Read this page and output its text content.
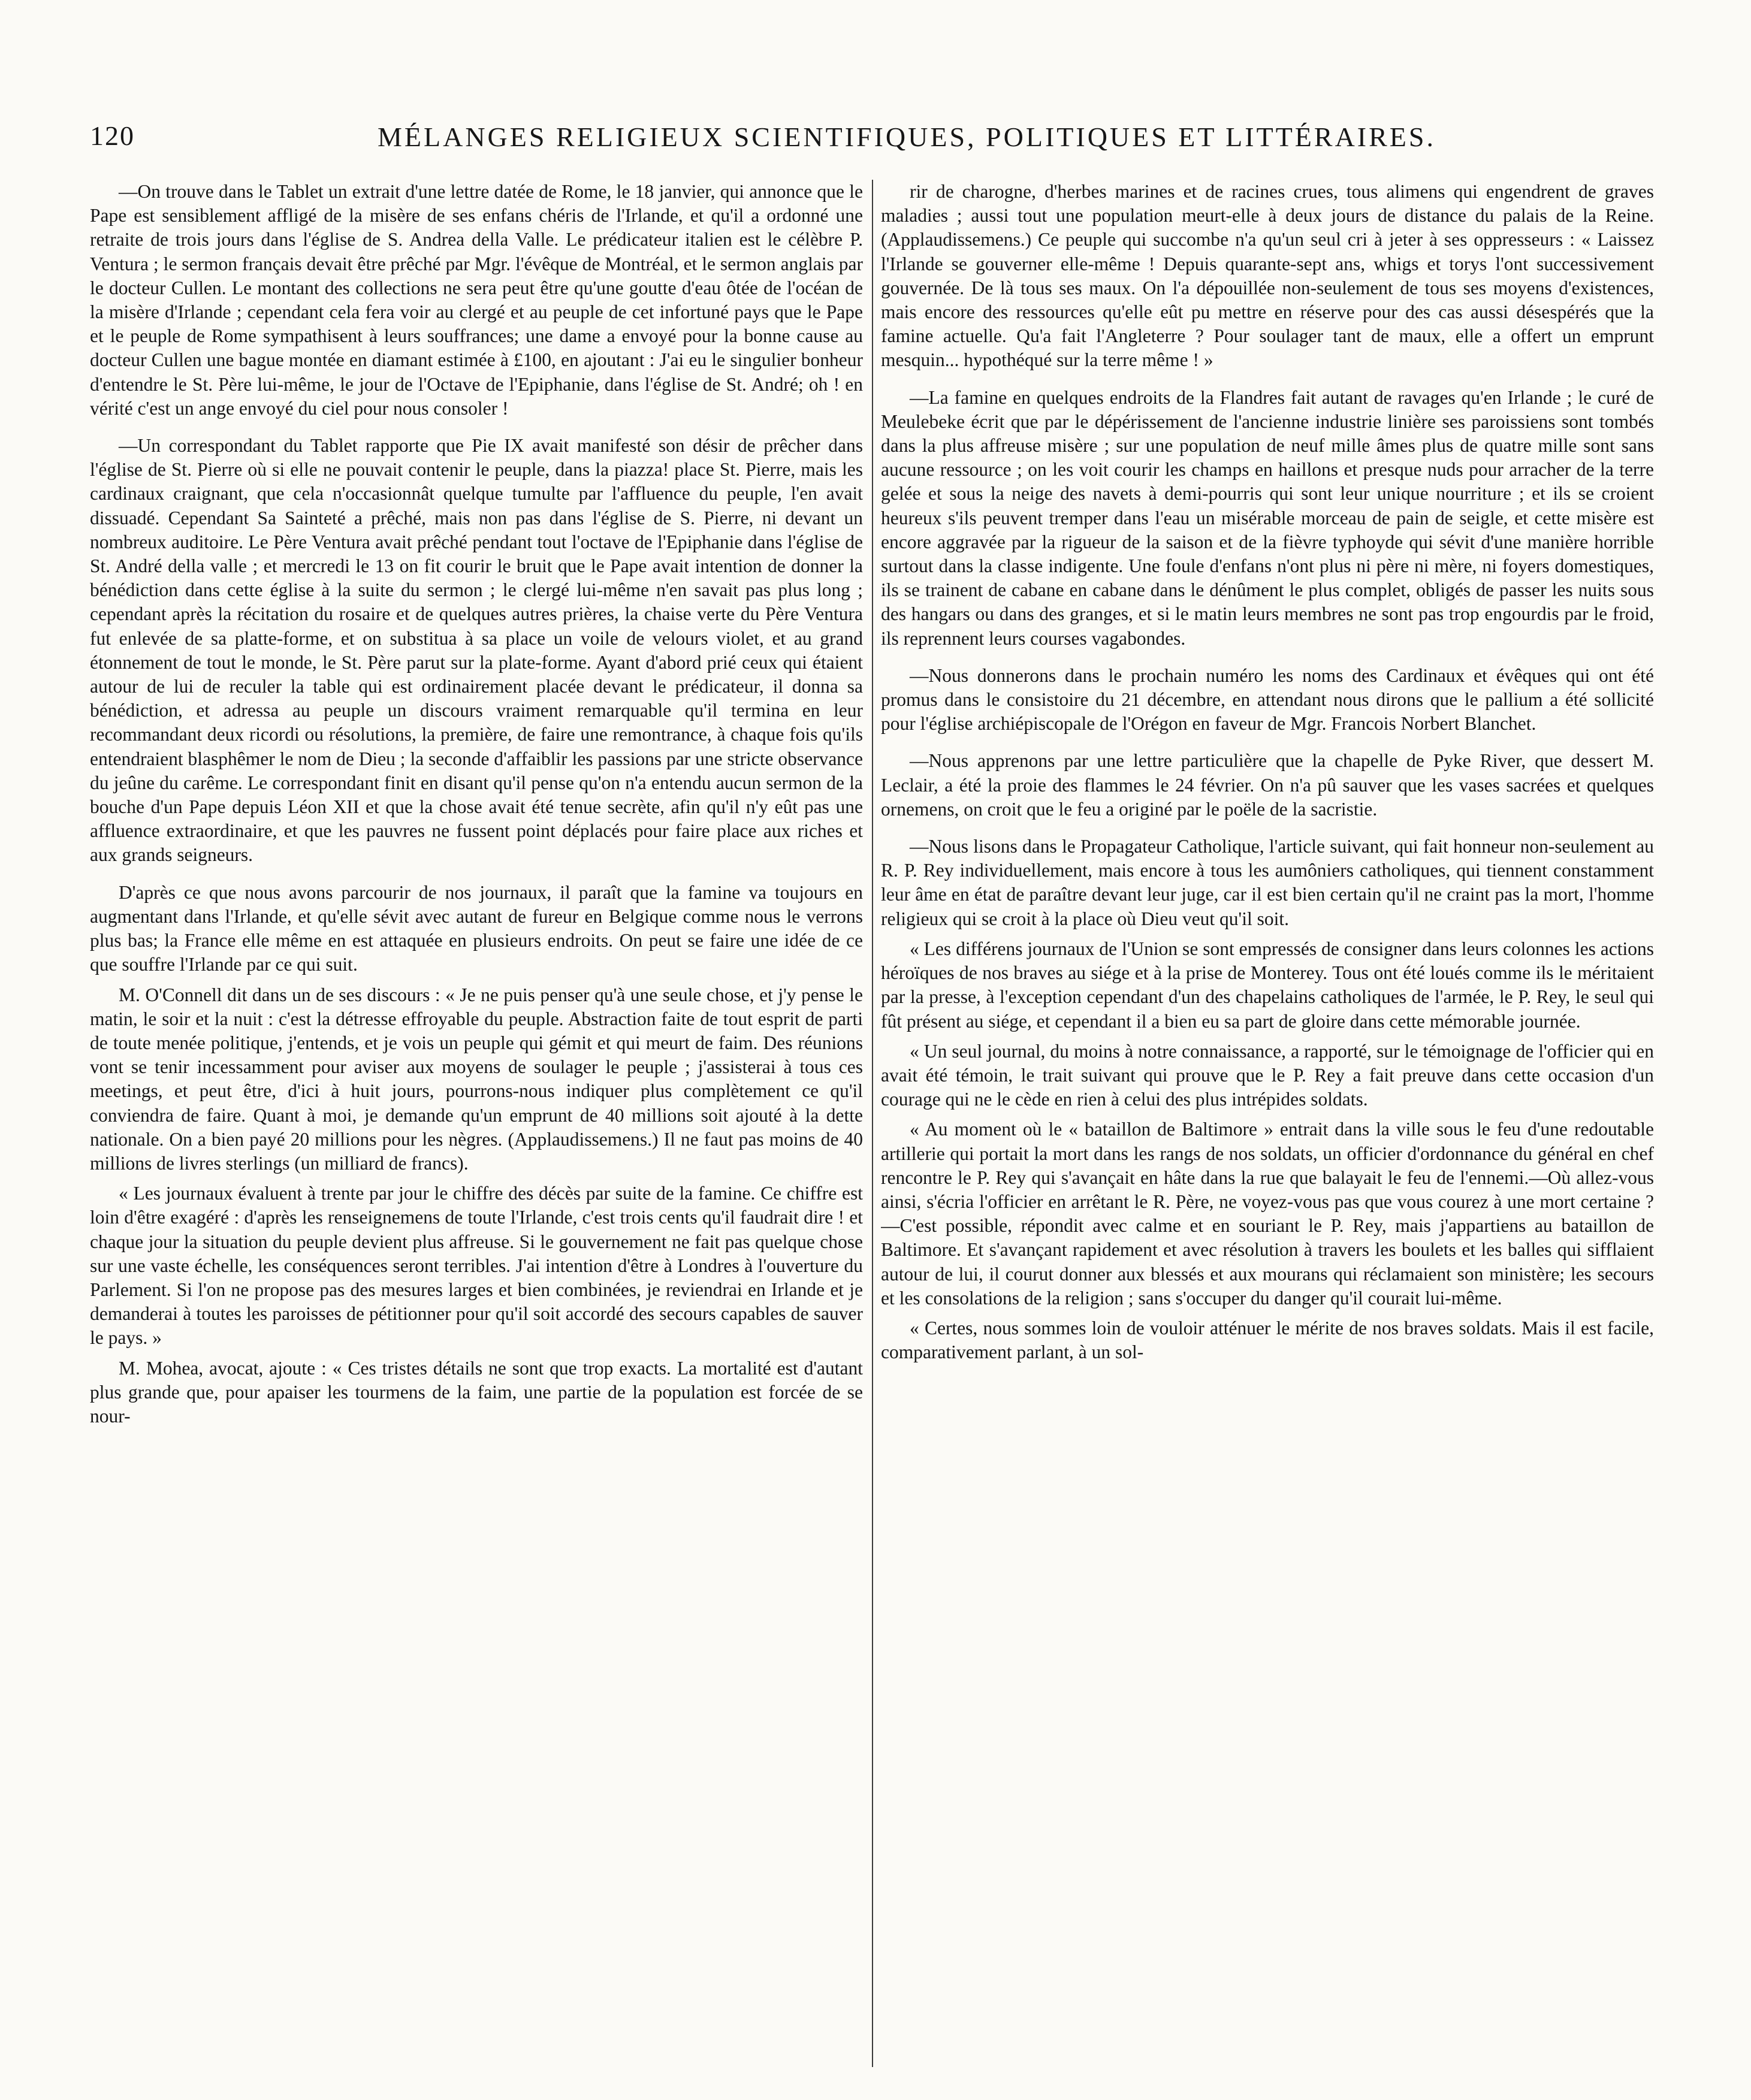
120	MÉLANGES RELIGIEUX SCIENTIFIQUES, POLITIQUES ET LITTÉRAIRES.

—On trouve dans le Tablet un extrait d'une lettre datée de Rome, le 18 janvier, qui annonce que le Pape est sensiblement affligé de la misère de ses enfans chéris de l'Irlande, et qu'il a ordonné une retraite de trois jours dans l'église de S. Andrea della Valle. Le prédicateur italien est le célèbre P. Ventura ; le sermon français devait être prêché par Mgr. l'évêque de Montréal, et le sermon anglais par le docteur Cullen. Le montant des collections ne sera peut être qu'une goutte d'eau ôtée de l'océan de la misère d'Irlande ; cependant cela fera voir au clergé et au peuple de cet infortuné pays que le Pape et le peuple de Rome sympathisent à leurs souffrances; une dame a envoyé pour la bonne cause au docteur Cullen une bague montée en diamant estimée à £100, en ajoutant : J'ai eu le singulier bonheur d'entendre le St. Père lui-même, le jour de l'Octave de l'Epiphanie, dans l'église de St. André; oh ! en vérité c'est un ange envoyé du ciel pour nous consoler !

—Un correspondant du Tablet rapporte que Pie IX avait manifesté son désir de prêcher dans l'église de St. Pierre où si elle ne pouvait contenir le peuple, dans la piazza! place St. Pierre, mais les cardinaux craignant, que cela n'occasionnât quelque tumulte par l'affluence du peuple, l'en avait dissuadé. Cependant Sa Sainteté a prêché, mais non pas dans l'église de S. Pierre, ni devant un nombreux auditoire. Le Père Ventura avait prêché pendant tout l'octave de l'Epiphanie dans l'église de St. André della valle ; et mercredi le 13 on fit courir le bruit que le Pape avait intention de donner la bénédiction dans cette église à la suite du sermon ; le clergé lui-même n'en savait pas plus long ; cependant après la récitation du rosaire et de quelques autres prières, la chaise verte du Père Ventura fut enlevée de sa platte-forme, et on substitua à sa place un voile de velours violet, et au grand étonnement de tout le monde, le St. Père parut sur la plate-forme. Ayant d'abord prié ceux qui étaient autour de lui de reculer la table qui est ordinairement placée devant le prédicateur, il donna sa bénédiction, et adressa au peuple un discours vraiment remarquable qu'il termina en leur recommandant deux ricordi ou résolutions, la première, de faire une remontrance, à chaque fois qu'ils entendraient blasphêmer le nom de Dieu ; la seconde d'affaiblir les passions par une stricte observance du jeûne du carême. Le correspondant finit en disant qu'il pense qu'on n'a entendu aucun sermon de la bouche d'un Pape depuis Léon XII et que la chose avait été tenue secrète, afin qu'il n'y eût pas une affluence extraordinaire, et que les pauvres ne fussent point déplacés pour faire place aux riches et aux grands seigneurs.

D'après ce que nous avons parcourir de nos journaux, il paraît que la famine va toujours en augmentant dans l'Irlande, et qu'elle sévit avec autant de fureur en Belgique comme nous le verrons plus bas; la France elle même en est attaquée en plusieurs endroits. On peut se faire une idée de ce que souffre l'Irlande par ce qui suit.

M. O'Connell dit dans un de ses discours : « Je ne puis penser qu'à une seule chose, et j'y pense le matin, le soir et la nuit : c'est la détresse effroyable du peuple. Abstraction faite de tout esprit de parti de toute menée politique, j'entends, et je vois un peuple qui gémit et qui meurt de faim. Des réunions vont se tenir incessamment pour aviser aux moyens de soulager le peuple ; j'assisterai à tous ces meetings, et peut être, d'ici à huit jours, pourrons-nous indiquer plus complètement ce qu'il conviendra de faire. Quant à moi, je demande qu'un emprunt de 40 millions soit ajouté à la dette nationale. On a bien payé 20 millions pour les nègres. (Applaudissemens.) Il ne faut pas moins de 40 millions de livres sterlings (un milliard de francs).

« Les journaux évaluent à trente par jour le chiffre des décès par suite de la famine. Ce chiffre est loin d'être exagéré : d'après les renseignemens de toute l'Irlande, c'est trois cents qu'il faudrait dire ! et chaque jour la situation du peuple devient plus affreuse. Si le gouvernement ne fait pas quelque chose sur une vaste échelle, les conséquences seront terribles. J'ai intention d'être à Londres à l'ouverture du Parlement. Si l'on ne propose pas des mesures larges et bien combinées, je reviendrai en Irlande et je demanderai à toutes les paroisses de pétitionner pour qu'il soit accordé des secours capables de sauver le pays. »

M. Mohea, avocat, ajoute : « Ces tristes détails ne sont que trop exacts. La mortalité est d'autant plus grande que, pour apaiser les tourmens de la faim, une partie de la population est forcée de se nour-

rir de charogne, d'herbes marines et de racines crues, tous alimens qui engendrent de graves maladies ; aussi tout une population meurt-elle à deux jours de distance du palais de la Reine. (Applaudissemens.) Ce peuple qui succombe n'a qu'un seul cri à jeter à ses oppresseurs : « Laissez l'Irlande se gouverner elle-même ! Depuis quarante-sept ans, whigs et torys l'ont successivement gouvernée. De là tous ses maux. On l'a dépouillée non-seulement de tous ses moyens d'existences, mais encore des ressources qu'elle eût pu mettre en réserve pour des cas aussi désespérés que la famine actuelle. Qu'a fait l'Angleterre ? Pour soulager tant de maux, elle a offert un emprunt mesquin... hypothéqué sur la terre même ! »

—La famine en quelques endroits de la Flandres fait autant de ravages qu'en Irlande ; le curé de Meulebeke écrit que par le dépérissement de l'ancienne industrie linière ses paroissiens sont tombés dans la plus affreuse misère ; sur une population de neuf mille âmes plus de quatre mille sont sans aucune ressource ; on les voit courir les champs en haillons et presque nuds pour arracher de la terre gelée et sous la neige des navets à demi-pourris qui sont leur unique nourriture ; et ils se croient heureux s'ils peuvent tremper dans l'eau un misérable morceau de pain de seigle, et cette misère est encore aggravée par la rigueur de la saison et de la fièvre typhoyde qui sévit d'une manière horrible surtout dans la classe indigente. Une foule d'enfans n'ont plus ni père ni mère, ni foyers domestiques, ils se trainent de cabane en cabane dans le dénûment le plus complet, obligés de passer les nuits sous des hangars ou dans des granges, et si le matin leurs membres ne sont pas trop engourdis par le froid, ils reprennent leurs courses vagabondes.

—Nous donnerons dans le prochain numéro les noms des Cardinaux et évêques qui ont été promus dans le consistoire du 21 décembre, en attendant nous dirons que le pallium a été sollicité pour l'église archiépiscopale de l'Orégon en faveur de Mgr. Francois Norbert Blanchet.

—Nous apprenons par une lettre particulière que la chapelle de Pyke River, que dessert M. Leclair, a été la proie des flammes le 24 février. On n'a pû sauver que les vases sacrées et quelques ornemens, on croit que le feu a originé par le poële de la sacristie.

—Nous lisons dans le Propagateur Catholique, l'article suivant, qui fait honneur non-seulement au R. P. Rey individuellement, mais encore à tous les aumôniers catholiques, qui tiennent constamment leur âme en état de paraître devant leur juge, car il est bien certain qu'il ne craint pas la mort, l'homme religieux qui se croit à la place où Dieu veut qu'il soit.

« Les différens journaux de l'Union se sont empressés de consigner dans leurs colonnes les actions héroïques de nos braves au siége et à la prise de Monterey. Tous ont été loués comme ils le méritaient par la presse, à l'exception cependant d'un des chapelains catholiques de l'armée, le P. Rey, le seul qui fût présent au siége, et cependant il a bien eu sa part de gloire dans cette mémorable journée.

« Un seul journal, du moins à notre connaissance, a rapporté, sur le témoignage de l'officier qui en avait été témoin, le trait suivant qui prouve que le P. Rey a fait preuve dans cette occasion d'un courage qui ne le cède en rien à celui des plus intrépides soldats.

« Au moment où le « bataillon de Baltimore » entrait dans la ville sous le feu d'une redoutable artillerie qui portait la mort dans les rangs de nos soldats, un officier d'ordonnance du général en chef rencontre le P. Rey qui s'avançait en hâte dans la rue que balayait le feu de l'ennemi.—Où allez-vous ainsi, s'écria l'officier en arrêtant le R. Père, ne voyez-vous pas que vous courez à une mort certaine ?—C'est possible, répondit avec calme et en souriant le P. Rey, mais j'appartiens au bataillon de Baltimore. Et s'avançant rapidement et avec résolution à travers les boulets et les balles qui sifflaient autour de lui, il courut donner aux blessés et aux mourans qui réclamaient son ministère; les secours et les consolations de la religion ; sans s'occuper du danger qu'il courait lui-même.

« Certes, nous sommes loin de vouloir atténuer le mérite de nos braves soldats. Mais il est facile, comparativement parlant, à un sol-
